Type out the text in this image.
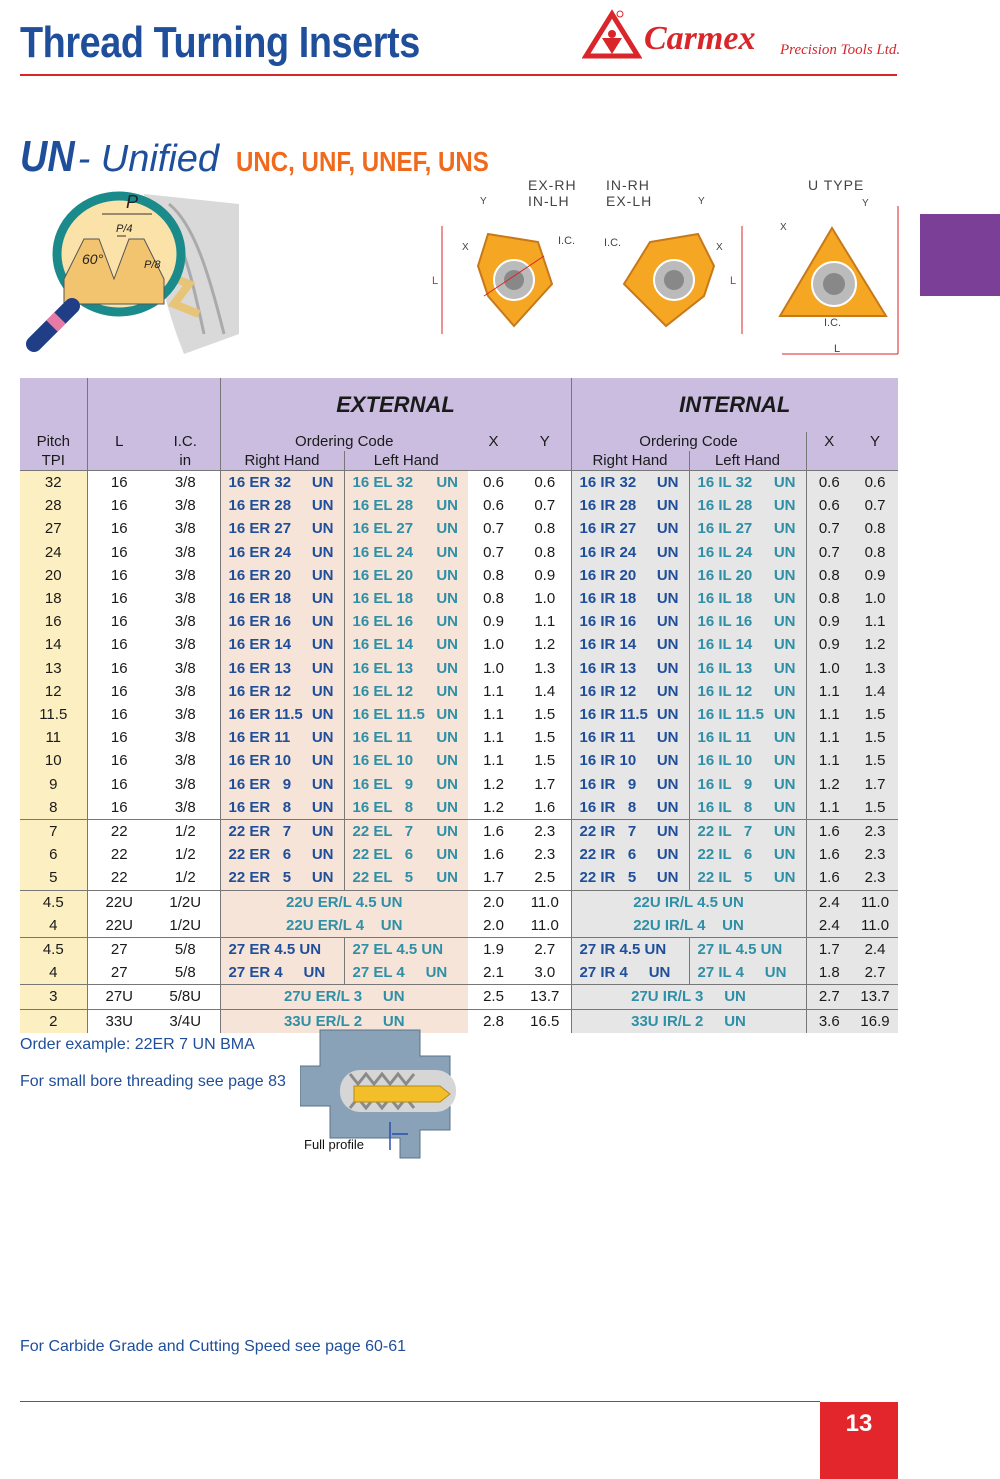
Thread Turning Inserts	Carmex Precision Tools Ltd.
UN- Unified UNC, UNF, UNEF, UNS
P
P/4
P/8
60°
EX-RH
IN-LH
L
X
Y
I.C.
IN-RH
EX-LH
L
X
Y
I.C.
U TYPE
L
I.C.
X
Y
			EXTERNAL				INTERNAL			
Pitch	L	I.C.	Ordering Code		X	Y	Ordering Code		X	Y
TPI		in	Right Hand	Left Hand			Right Hand	Left Hand		
32	16	3/8	16 ER 32 UN	16 EL 32 UN	0.6	0.6	16 IR 32 UN	16 IL 32 UN	0.6	0.6
28	16	3/8	16 ER 28 UN	16 EL 28 UN	0.6	0.7	16 IR 28 UN	16 IL 28 UN	0.6	0.7
27	16	3/8	16 ER 27 UN	16 EL 27 UN	0.7	0.8	16 IR 27 UN	16 IL 27 UN	0.7	0.8
24	16	3/8	16 ER 24 UN	16 EL 24 UN	0.7	0.8	16 IR 24 UN	16 IL 24 UN	0.7	0.8
20	16	3/8	16 ER 20 UN	16 EL 20 UN	0.8	0.9	16 IR 20 UN	16 IL 20 UN	0.8	0.9
18	16	3/8	16 ER 18 UN	16 EL 18 UN	0.8	1.0	16 IR 18 UN	16 IL 18 UN	0.8	1.0
16	16	3/8	16 ER 16 UN	16 EL 16 UN	0.9	1.1	16 IR 16 UN	16 IL 16 UN	0.9	1.1
14	16	3/8	16 ER 14 UN	16 EL 14 UN	1.0	1.2	16 IR 14 UN	16 IL 14 UN	0.9	1.2
13	16	3/8	16 ER 13 UN	16 EL 13 UN	1.0	1.3	16 IR 13 UN	16 IL 13 UN	1.0	1.3
12	16	3/8	16 ER 12 UN	16 EL 12 UN	1.1	1.4	16 IR 12 UN	16 IL 12 UN	1.1	1.4
11.5	16	3/8	16 ER 11.5 UN	16 EL 11.5 UN	1.1	1.5	16 IR 11.5 UN	16 IL 11.5 UN	1.1	1.5
11	16	3/8	16 ER 11 UN	16 EL 11 UN	1.1	1.5	16 IR 11 UN	16 IL 11 UN	1.1	1.5
10	16	3/8	16 ER 10 UN	16 EL 10 UN	1.1	1.5	16 IR 10 UN	16 IL 10 UN	1.1	1.5
9	16	3/8	16 ER   9 UN	16 EL   9 UN	1.2	1.7	16 IR   9 UN	16 IL   9 UN	1.2	1.7
8	16	3/8	16 ER   8 UN	16 EL   8 UN	1.2	1.6	16 IR   8 UN	16 IL   8 UN	1.1	1.5
7	22	1/2	22 ER   7 UN	22 EL   7 UN	1.6	2.3	22 IR   7 UN	22 IL   7 UN	1.6	2.3
6	22	1/2	22 ER   6 UN	22 EL   6 UN	1.6	2.3	22 IR   6 UN	22 IL   6 UN	1.6	2.3
5	22	1/2	22 ER   5 UN	22 EL   5 UN	1.7	2.5	22 IR   5 UN	22 IL   5 UN	1.6	2.3
4.5	22U	1/2U	22U ER/L 4.5 UN		2.0	11.0	22U IR/L 4.5 UN		2.4	11.0
4	22U	1/2U	22U ER/L 4    UN		2.0	11.0	22U IR/L 4    UN		2.4	11.0
4.5	27	5/8	27 ER 4.5 UN	27 EL 4.5 UN	1.9	2.7	27 IR 4.5 UN	27 IL 4.5 UN	1.7	2.4
4	27	5/8	27 ER 4     UN	27 EL 4     UN	2.1	3.0	27 IR 4     UN	27 IL 4     UN	1.8	2.7
3	27U	5/8U	27U ER/L 3     UN		2.5	13.7	27U IR/L 3     UN		2.7	13.7
2	33U	3/4U	33U ER/L 2     UN		2.8	16.5	33U IR/L 2     UN		3.6	16.9
Order example: 22ER 7 UN BMA
For small bore threading see page 83
Full profile
For Carbide Grade and Cutting Speed see page 60-61
13
